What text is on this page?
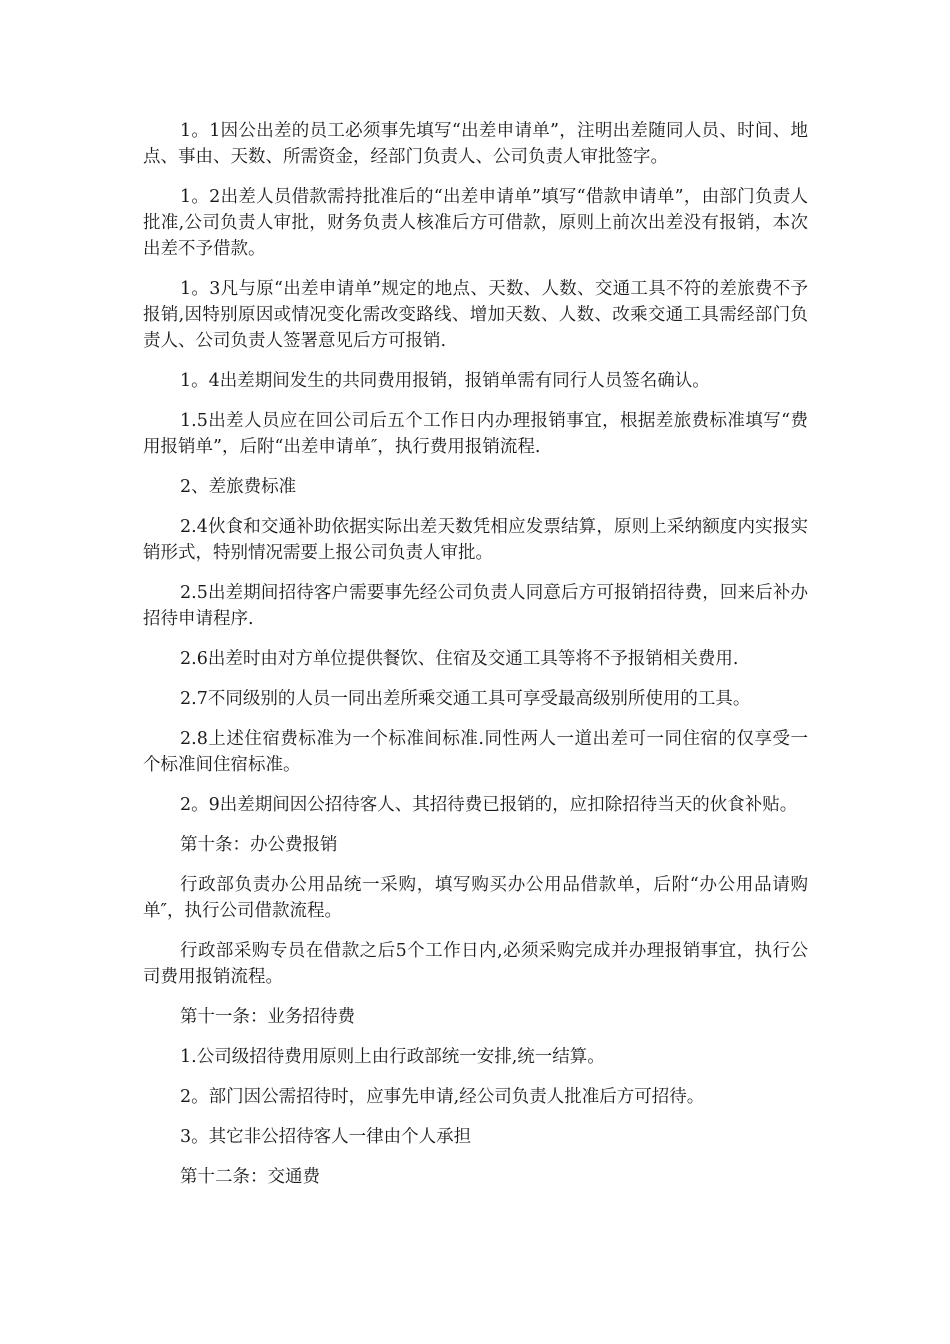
1。1因公出差的员工必须事先填写“出差申请单”，注明出差随同人员、时间、地点、事由、天数、所需资金，经部门负责人、公司负责人审批签字。

1。2出差人员借款需持批准后的“出差申请单”填写“借款申请单”，由部门负责人批准,公司负责人审批，财务负责人核准后方可借款，原则上前次出差没有报销，本次出差不予借款。

1。3凡与原“出差申请单”规定的地点、天数、人数、交通工具不符的差旅费不予报销,因特别原因或情况变化需改变路线、增加天数、人数、改乘交通工具需经部门负责人、公司负责人签署意见后方可报销.

1。4出差期间发生的共同费用报销，报销单需有同行人员签名确认。

1.5出差人员应在回公司后五个工作日内办理报销事宜，根据差旅费标准填写“费用报销单”，后附“出差申请单″，执行费用报销流程.

2、差旅费标准

2.4伙食和交通补助依据实际出差天数凭相应发票结算，原则上采纳额度内实报实销形式，特别情况需要上报公司负责人审批。

2.5出差期间招待客户需要事先经公司负责人同意后方可报销招待费，回来后补办招待申请程序.

2.6出差时由对方单位提供餐饮、住宿及交通工具等将不予报销相关费用.

2.7不同级别的人员一同出差所乘交通工具可享受最高级别所使用的工具。

2.8上述住宿费标准为一个标准间标准.同性两人一道出差可一同住宿的仅享受一个标准间住宿标准。

2。9出差期间因公招待客人、其招待费已报销的，应扣除招待当天的伙食补贴。

第十条：办公费报销

行政部负责办公用品统一采购，填写购买办公用品借款单，后附“办公用品请购单″，执行公司借款流程。

行政部采购专员在借款之后5个工作日内,必须采购完成并办理报销事宜，执行公司费用报销流程。

第十一条：业务招待费

1.公司级招待费用原则上由行政部统一安排,统一结算。

2。部门因公需招待时，应事先申请,经公司负责人批准后方可招待。

3。其它非公招待客人一律由个人承担

第十二条：交通费
